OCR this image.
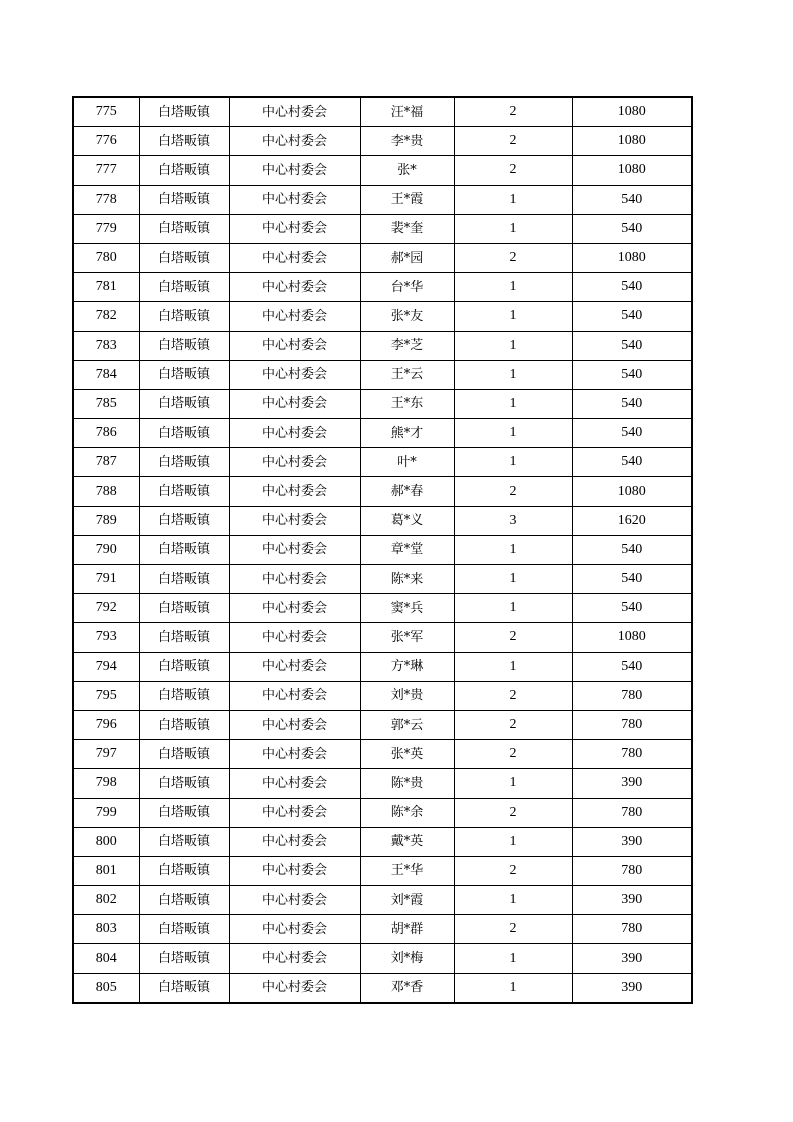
775	白塔畈镇	中心村委会	汪*福	2	1080
776	白塔畈镇	中心村委会	李*贵	2	1080
777	白塔畈镇	中心村委会	张*	2	1080
778	白塔畈镇	中心村委会	王*霞	1	540
779	白塔畈镇	中心村委会	裴*奎	1	540
780	白塔畈镇	中心村委会	郝*园	2	1080
781	白塔畈镇	中心村委会	台*华	1	540
782	白塔畈镇	中心村委会	张*友	1	540
783	白塔畈镇	中心村委会	李*芝	1	540
784	白塔畈镇	中心村委会	王*云	1	540
785	白塔畈镇	中心村委会	王*东	1	540
786	白塔畈镇	中心村委会	熊*才	1	540
787	白塔畈镇	中心村委会	叶*	1	540
788	白塔畈镇	中心村委会	郝*春	2	1080
789	白塔畈镇	中心村委会	葛*义	3	1620
790	白塔畈镇	中心村委会	章*堂	1	540
791	白塔畈镇	中心村委会	陈*来	1	540
792	白塔畈镇	中心村委会	窦*兵	1	540
793	白塔畈镇	中心村委会	张*军	2	1080
794	白塔畈镇	中心村委会	方*琳	1	540
795	白塔畈镇	中心村委会	刘*贵	2	780
796	白塔畈镇	中心村委会	郭*云	2	780
797	白塔畈镇	中心村委会	张*英	2	780
798	白塔畈镇	中心村委会	陈*贵	1	390
799	白塔畈镇	中心村委会	陈*余	2	780
800	白塔畈镇	中心村委会	戴*英	1	390
801	白塔畈镇	中心村委会	王*华	2	780
802	白塔畈镇	中心村委会	刘*霞	1	390
803	白塔畈镇	中心村委会	胡*群	2	780
804	白塔畈镇	中心村委会	刘*梅	1	390
805	白塔畈镇	中心村委会	邓*香	1	390
